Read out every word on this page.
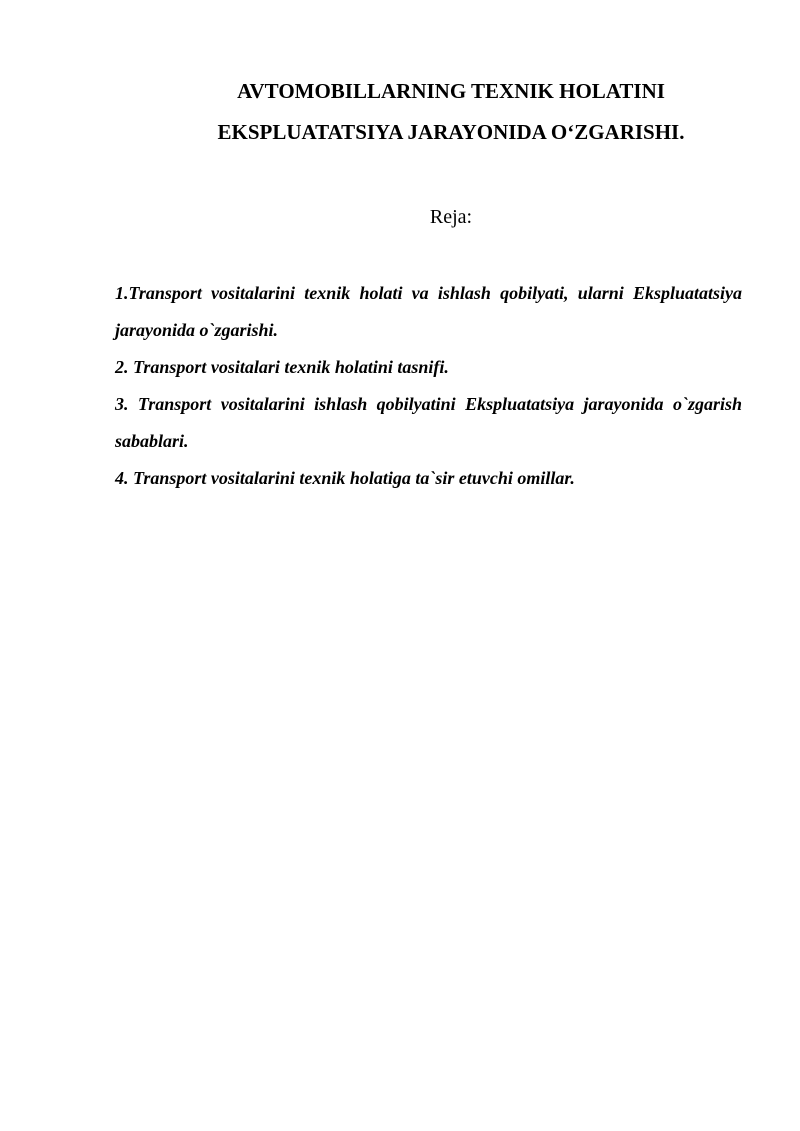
AVTOMOBILLARNING TEXNIK HOLATINI
EKSPLUATATSIYA JARAYONIDA O‘ZGARISHI.

Reja:

1.Transport vositalarini texnik holati va ishlash qobilyati, ularni Ekspluatatsiya jarayonida o`zgarishi.
2. Transport vositalari texnik holatini tasnifi.
3. Transport vositalarini ishlash qobilyatini Ekspluatatsiya jarayonida o`zgarish sabablari.
4. Transport vositalarini texnik holatiga ta`sir etuvchi omillar.
